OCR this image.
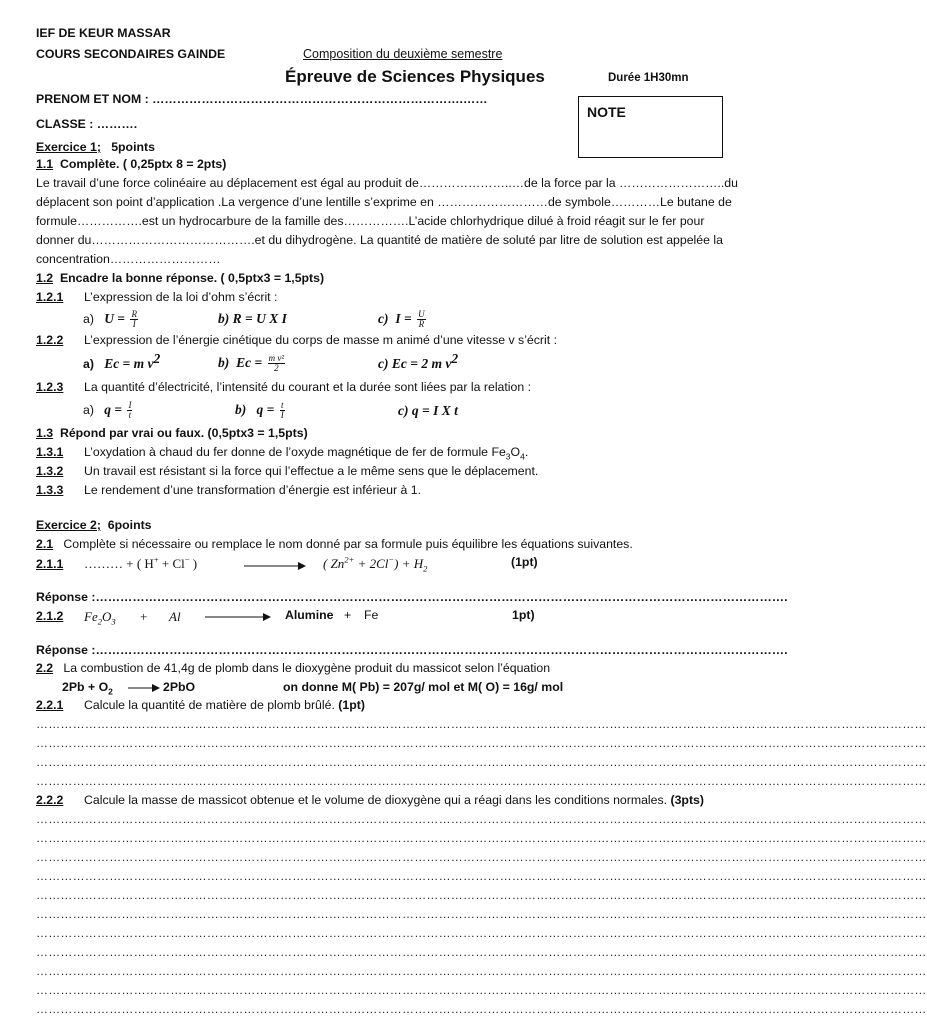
IEF DE KEUR MASSAR
COURS SECONDAIRES GAINDE	Composition du deuxième semestre
Épreuve de Sciences Physiques	Durée 1H30mn
PRENOM ET NOM : ………………………………………………………………….……
NOTE
CLASSE : ……….
Exercice 1; 5points
1.1 Complète. ( 0,25ptx 8 = 2pts)
Le travail d’une force colinéaire au déplacement est égal au produit de…………………..…de la force par la ……………………..du
déplacent son point d’application .La vergence d’une lentille s’exprime en ………………………de symbole…………Le butane de
formule…………….est un hydrocarbure de la famille des…………….L’acide chlorhydrique dilué à froid réagit sur le fer pour
donner du………………………………….et du dihydrogène. La quantité de matière de soluté par litre de solution est appelée la
concentration………………………
1.2 Encadre la bonne réponse. ( 0,5ptx3 = 1,5pts)
1.2.1 L’expression de la loi d’ohm s’écrit :
a) $U = \frac{R}{I}$	b) R = U X I	c) $I = \frac{U}{R}$
1.2.2 L’expression de l’énergie cinétique du corps de masse m animé d’une vitesse v s’écrit :
a) Ec = m $v^2$	b) $Ec = \frac{\text{m v²}}{2}$	c) Ec = 2 m $v^2$
1.2.3 La quantité d’électricité, l’intensité du courant et la durée sont liées par la relation :
a) $q = \frac{I}{t}$	b) $q = \frac{t}{I}$	c) q = I X t
1.3 Répond par vrai ou faux. (0,5ptx3 = 1,5pts)
1.3.1 L’oxydation à chaud du fer donne de l’oxyde magnétique de fer de formule $Fe_3O_4$.
1.3.2 Un travail est résistant si la force qui l’effectue a le même sens que le déplacement.
1.3.3 Le rendement d’une transformation d’énergie est inférieur à 1.
Exercice 2; 6points
2.1 Complète si nécessaire ou remplace le nom donné par sa formule puis équilibre les équations suivantes.
2.1.1 ……… + ( H+ + Cl− )	( $Zn^{2+} + 2Cl^-) + H_2$	(1pt)
Réponse :…………………………………………………………………………………………………………………………………………………….
2.1.2 $Fe_2O_3 + Al$	Alumine + Fe	1pt)
Réponse :…………………………………………………………………………………………………………………………………………………….
2.2 La combustion de 41,4g de plomb dans le dioxygène produit du massicot selon l’équation
$2Pb + O_2 \to 2PbO$	on donne M( Pb) = 207g/ mol et M( O) = 16g/ mol
2.2.1 Calcule la quantité de matière de plomb brûlé. (1pt)
…………………………………………………………………………………………………………………………………………………………………………………………………
…………………………………………………………………………………………………………………………………………………………………………………………………
…………………………………………………………………………………………………………………………………………………………………………………………………
…………………………………………………………………………………………………………………………………………………………………………………………………
2.2.2 Calcule la masse de massicot obtenue et le volume de dioxygène qui a réagi dans les conditions normales. (3pts)
…………………………………………………………………………………………………………………………………………………………………………………………………
…………………………………………………………………………………………………………………………………………………………………………………………………
…………………………………………………………………………………………………………………………………………………………………………………………………
…………………………………………………………………………………………………………………………………………………………………………………………………
…………………………………………………………………………………………………………………………………………………………………………………………………
…………………………………………………………………………………………………………………………………………………………………………………………………
…………………………………………………………………………………………………………………………………………………………………………………………………
…………………………………………………………………………………………………………………………………………………………………………………………………
…………………………………………………………………………………………………………………………………………………………………………………………………
…………………………………………………………………………………………………………………………………………………………………………………………………
…………………………………………………………………………………………………………………………………………………………………………………………………
